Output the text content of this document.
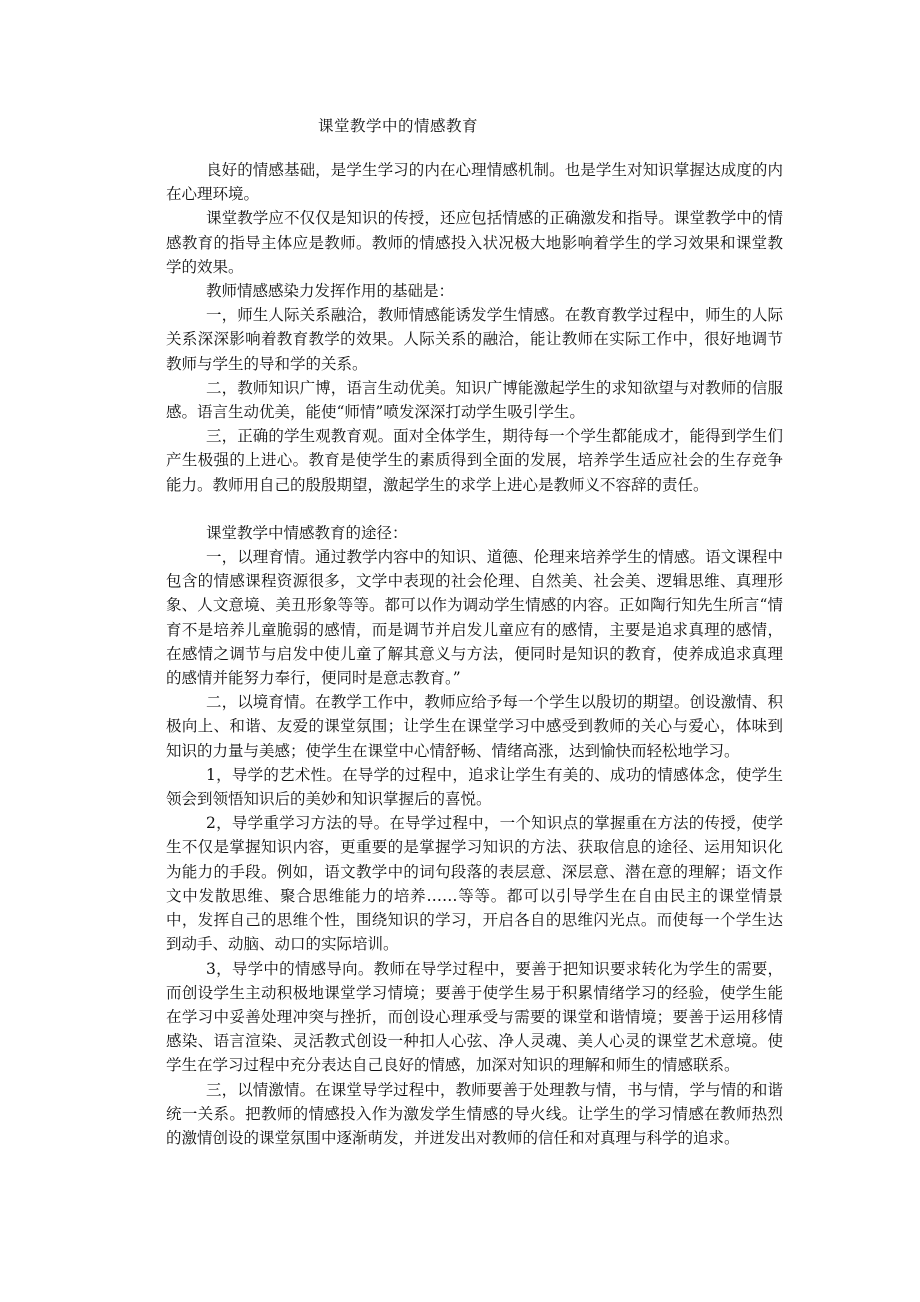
课堂教学中的情感教育

良好的情感基础，是学生学习的内在心理情感机制。也是学生对知识掌握达成度的内在心理环境。

课堂教学应不仅仅是知识的传授，还应包括情感的正确激发和指导。课堂教学中的情感教育的指导主体应是教师。教师的情感投入状况极大地影响着学生的学习效果和课堂教学的效果。

教师情感感染力发挥作用的基础是：

一，师生人际关系融洽，教师情感能诱发学生情感。在教育教学过程中，师生的人际关系深深影响着教育教学的效果。人际关系的融洽，能让教师在实际工作中，很好地调节教师与学生的导和学的关系。

二，教师知识广博，语言生动优美。知识广博能激起学生的求知欲望与对教师的信服感。语言生动优美，能使“师情”喷发深深打动学生吸引学生。

三，正确的学生观教育观。面对全体学生，期待每一个学生都能成才，能得到学生们产生极强的上进心。教育是使学生的素质得到全面的发展，培养学生适应社会的生存竞争能力。教师用自己的殷殷期望，激起学生的求学上进心是教师义不容辞的责任。

课堂教学中情感教育的途径：

一，以理育情。通过教学内容中的知识、道德、伦理来培养学生的情感。语文课程中包含的情感课程资源很多，文学中表现的社会伦理、自然美、社会美、逻辑思维、真理形象、人文意境、美丑形象等等。都可以作为调动学生情感的内容。正如陶行知先生所言“情育不是培养儿童脆弱的感情，而是调节并启发儿童应有的感情，主要是追求真理的感情，在感情之调节与启发中使儿童了解其意义与方法，便同时是知识的教育，使养成追求真理的感情并能努力奉行，便同时是意志教育。”

二，以境育情。在教学工作中，教师应给予每一个学生以殷切的期望。创设激情、积极向上、和谐、友爱的课堂氛围；让学生在课堂学习中感受到教师的关心与爱心，体味到知识的力量与美感；使学生在课堂中心情舒畅、情绪高涨，达到愉快而轻松地学习。

1，导学的艺术性。在导学的过程中，追求让学生有美的、成功的情感体念，使学生领会到领悟知识后的美妙和知识掌握后的喜悦。

2，导学重学习方法的导。在导学过程中，一个知识点的掌握重在方法的传授，使学生不仅是掌握知识内容，更重要的是掌握学习知识的方法、获取信息的途径、运用知识化为能力的手段。例如，语文教学中的词句段落的表层意、深层意、潜在意的理解；语文作文中发散思维、聚合思维能力的培养……等等。都可以引导学生在自由民主的课堂情景中，发挥自己的思维个性，围绕知识的学习，开启各自的思维闪光点。而使每一个学生达到动手、动脑、动口的实际培训。

3，导学中的情感导向。教师在导学过程中，要善于把知识要求转化为学生的需要，而创设学生主动积极地课堂学习情境；要善于使学生易于积累情绪学习的经验，使学生能在学习中妥善处理冲突与挫折，而创设心理承受与需要的课堂和谐情境；要善于运用移情感染、语言渲染、灵活教式创设一种扣人心弦、净人灵魂、美人心灵的课堂艺术意境。使学生在学习过程中充分表达自己良好的情感，加深对知识的理解和师生的情感联系。

三，以情激情。在课堂导学过程中，教师要善于处理教与情，书与情，学与情的和谐统一关系。把教师的情感投入作为激发学生情感的导火线。让学生的学习情感在教师热烈的激情创设的课堂氛围中逐渐萌发，并迸发出对教师的信任和对真理与科学的追求。
